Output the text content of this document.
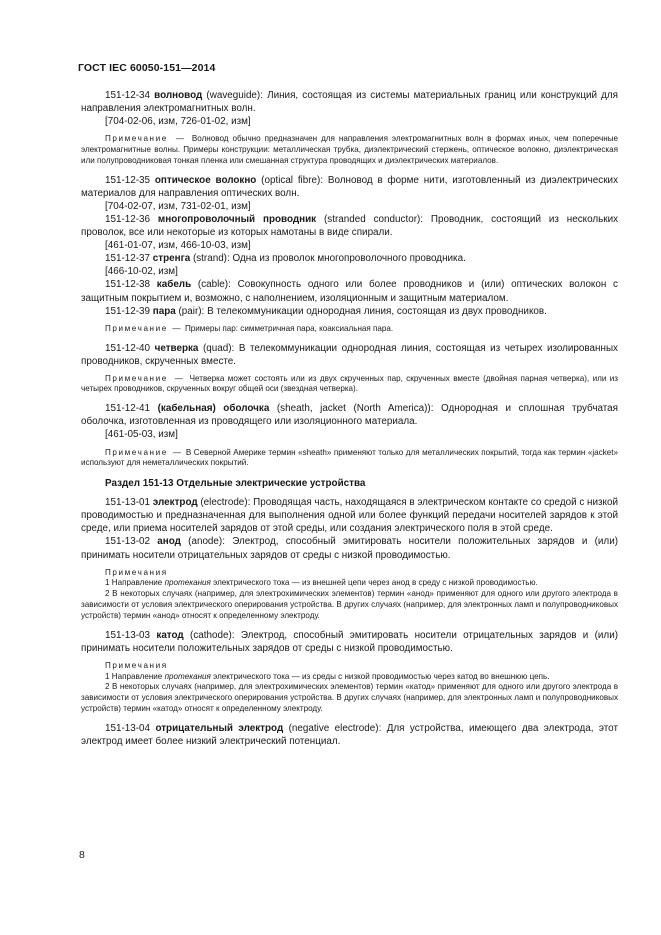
ГОСТ IEC 60050-151—2014

151-12-34 волновод (waveguide): Линия, состоящая из системы материальных границ или конструкций для направления электромагнитных волн.

[704-02-06, изм, 726-01-02, изм]

Примечание — Волновод обычно предназначен для направления электромагнитных волн в формах иных, чем поперечные электромагнитные волны. Примеры конструкции: металлическая трубка, диэлектрический стержень, оптическое волокно, диэлектрическая или полупроводниковая тонкая пленка или смешанная структура проводящих и диэлектрических материалов.

151-12-35 оптическое волокно (optical fibre): Волновод в форме нити, изготовленный из диэлектрических материалов для направления оптических волн.

[704-02-07, изм, 731-02-01, изм]

151-12-36 многопроволочный проводник (stranded conductor): Проводник, состоящий из нескольких проволок, все или некоторые из которых намотаны в виде спирали.

[461-01-07, изм, 466-10-03, изм]

151-12-37 стренга (strand): Одна из проволок многопроволочного проводника.

[466-10-02, изм]

151-12-38 кабель (cable): Совокупность одного или более проводников и (или) оптических волокон с защитным покрытием и, возможно, с наполнением, изоляционным и защитным материалом.

151-12-39 пара (pair): В телекоммуникации однородная линия, состоящая из двух проводников.

Примечание — Примеры пар: симметричная пара, коаксиальная пара.

151-12-40 четверка (quad): В телекоммуникации однородная линия, состоящая из четырех изолированных проводников, скрученных вместе.

Примечание — Четверка может состоять или из двух скрученных пар, скрученных вместе (двойная парная четверка), или из четырех проводников, скрученных вокруг общей оси (звездная четверка).

151-12-41 (кабельная) оболочка (sheath, jacket (North America)): Однородная и сплошная трубчатая оболочка, изготовленная из проводящего или изоляционного материала.

[461-05-03, изм]

Примечание — В Северной Америке термин «sheath» применяют только для металлических покрытий, тогда как термин «jacket» используют для неметаллических покрытий.

Раздел 151-13 Отдельные электрические устройства

151-13-01 электрод (electrode): Проводящая часть, находящаяся в электрическом контакте со средой с низкой проводимостью и предназначенная для выполнения одной или более функций передачи носителей зарядов к этой среде, или приема носителей зарядов от этой среды, или создания электрического поля в этой среде.

151-13-02 анод (anode): Электрод, способный эмитировать носители положительных зарядов и (или) принимать носители отрицательных зарядов от среды с низкой проводимостью.

Примечания

1 Направление протекания электрического тока — из внешней цепи через анод в среду с низкой проводимостью.

2 В некоторых случаях (например, для электрохимических элементов) термин «анод» применяют для одного или другого электрода в зависимости от условия электрического оперирования устройства. В других случаях (например, для электронных ламп и полупроводниковых устройств) термин «анод» относят к определенному электроду.

151-13-03 катод (cathode): Электрод, способный эмитировать носители отрицательных зарядов и (или) принимать носители положительных зарядов от среды с низкой проводимостью.

Примечания

1 Направление протекания электрического тока — из среды с низкой проводимостью через катод во внешнюю цепь.

2 В некоторых случаях (например, для электрохимических элементов) термин «катод» применяют для одного или другого электрода в зависимости от условия электрического оперирования устройства. В других случаях (например, для электронных ламп и полупроводниковых устройств) термин «катод» относят к определенному электроду.

151-13-04 отрицательный электрод (negative electrode): Для устройства, имеющего два электрода, этот электрод имеет более низкий электрический потенциал.

8
